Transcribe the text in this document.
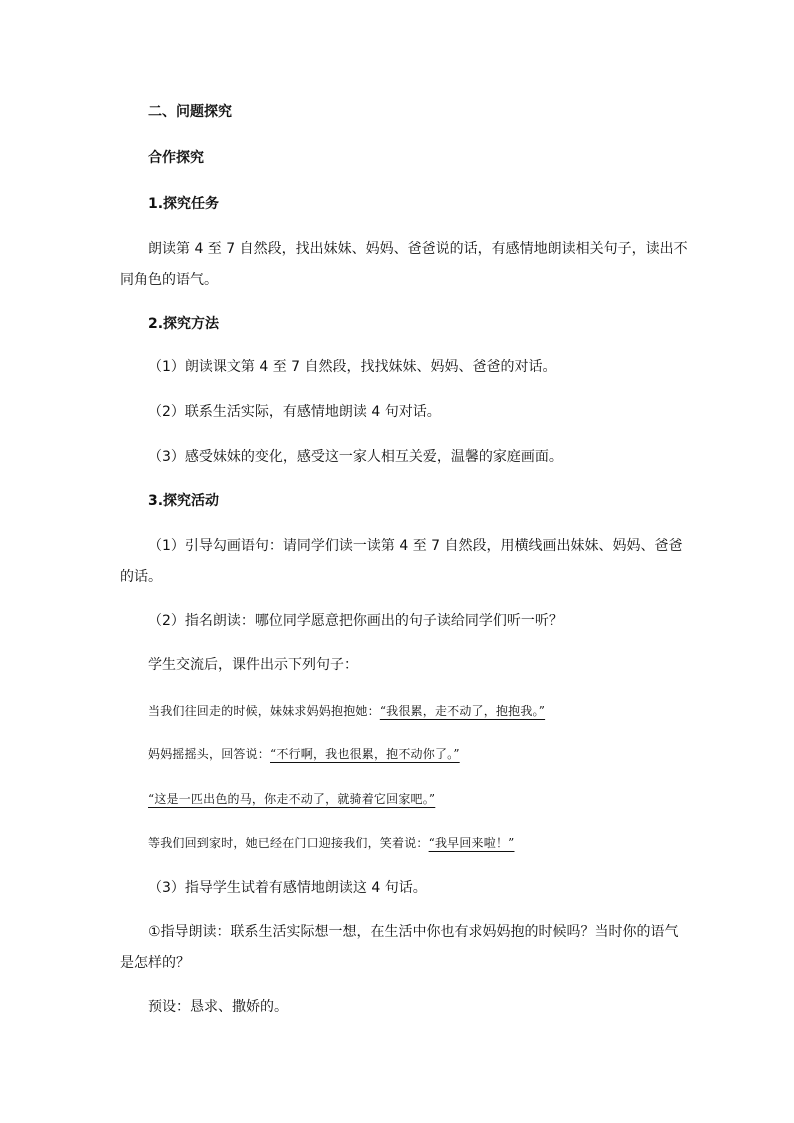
二、问题探究
合作探究
1.探究任务
朗读第 4 至 7 自然段，找出妹妹、妈妈、爸爸说的话，有感情地朗读相关句子，读出不
同角色的语气。
2.探究方法
（1）朗读课文第 4 至 7 自然段，找找妹妹、妈妈、爸爸的对话。
（2）联系生活实际，有感情地朗读 4 句对话。
（3）感受妹妹的变化，感受这一家人相互关爱，温馨的家庭画面。
3.探究活动
（1）引导勾画语句：请同学们读一读第 4 至 7 自然段，用横线画出妹妹、妈妈、爸爸
的话。
（2）指名朗读：哪位同学愿意把你画出的句子读给同学们听一听？
学生交流后，课件出示下列句子：
当我们往回走的时候，妹妹求妈妈抱抱她：“我很累，走不动了，抱抱我。”
妈妈摇摇头，回答说：“不行啊，我也很累，抱不动你了。”
“这是一匹出色的马，你走不动了，就骑着它回家吧。”
等我们回到家时，她已经在门口迎接我们，笑着说：“我早回来啦！”
（3）指导学生试着有感情地朗读这 4 句话。
①指导朗读：联系生活实际想一想，在生活中你也有求妈妈抱的时候吗？当时你的语气
是怎样的？
预设：恳求、撒娇的。
